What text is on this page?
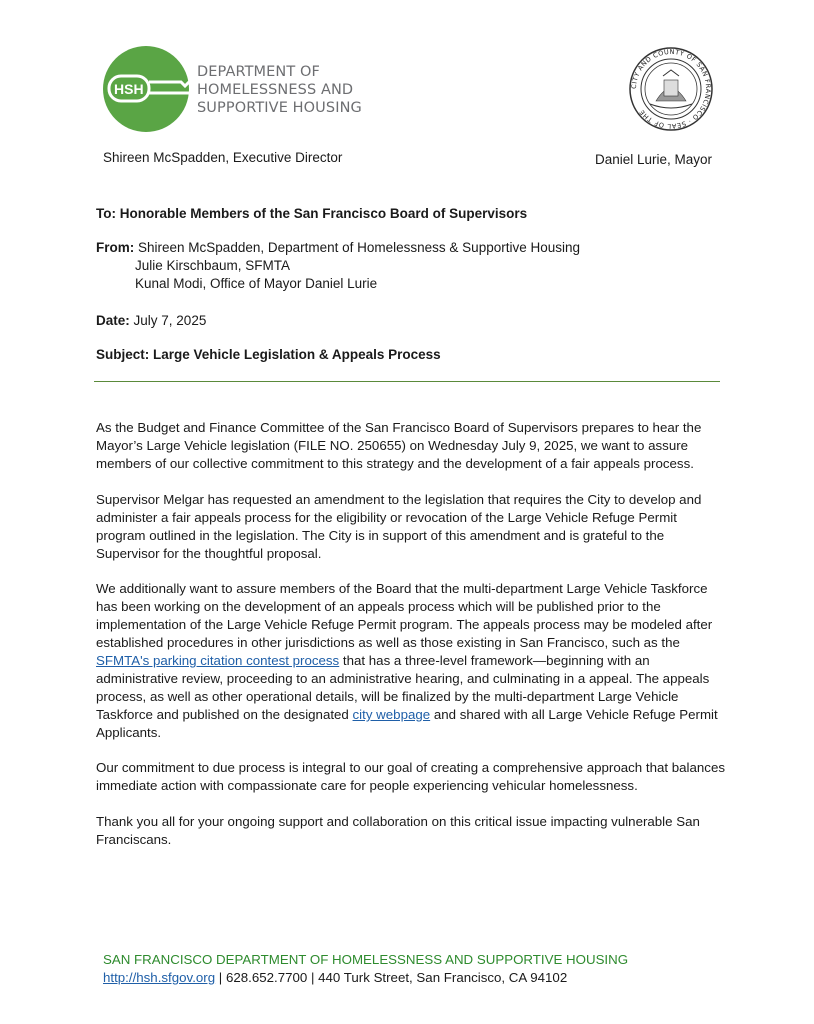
HSH
DEPARTMENT OF
HOMELESSNESS AND
SUPPORTIVE HOUSING
CITY AND COUNTY OF SAN FRANCISCO · SEAL OF THE
Shireen McSpadden, Executive Director	Daniel Lurie, Mayor
To: Honorable Members of the San Francisco Board of Supervisors
From: Shireen McSpadden, Department of Homelessness & Supportive Housing
Julie Kirschbaum, SFMTA
Kunal Modi, Office of Mayor Daniel Lurie
Date: July 7, 2025
Subject: Large Vehicle Legislation & Appeals Process

As the Budget and Finance Committee of the San Francisco Board of Supervisors prepares to hear the Mayor’s Large Vehicle legislation (FILE NO. 250655) on Wednesday July 9, 2025, we want to assure members of our collective commitment to this strategy and the development of a fair appeals process.

Supervisor Melgar has requested an amendment to the legislation that requires the City to develop and administer a fair appeals process for the eligibility or revocation of the Large Vehicle Refuge Permit program outlined in the legislation. The City is in support of this amendment and is grateful to the Supervisor for the thoughtful proposal.

We additionally want to assure members of the Board that the multi-department Large Vehicle Taskforce has been working on the development of an appeals process which will be published prior to the implementation of the Large Vehicle Refuge Permit program. The appeals process may be modeled after established procedures in other jurisdictions as well as those existing in San Francisco, such as the SFMTA's parking citation contest process that has a three-level framework—beginning with an administrative review, proceeding to an administrative hearing, and culminating in a appeal. The appeals process, as well as other operational details, will be finalized by the multi-department Large Vehicle Taskforce and published on the designated city webpage and shared with all Large Vehicle Refuge Permit Applicants.

Our commitment to due process is integral to our goal of creating a comprehensive approach that balances immediate action with compassionate care for people experiencing vehicular homelessness.

Thank you all for your ongoing support and collaboration on this critical issue impacting vulnerable San Franciscans.

SAN FRANCISCO DEPARTMENT OF HOMELESSNESS AND SUPPORTIVE HOUSING
http://hsh.sfgov.org | 628.652.7700 | 440 Turk Street, San Francisco, CA 94102
